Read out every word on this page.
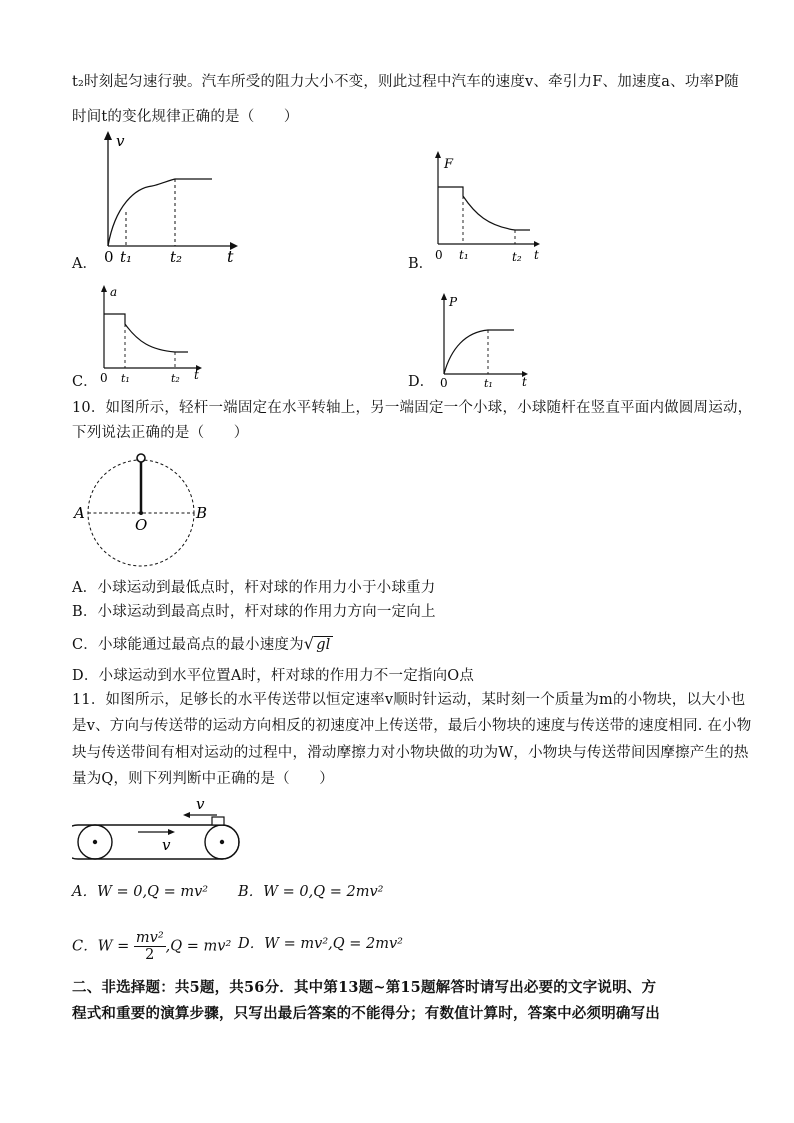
t₂时刻起匀速行驶。汽车所受的阻力大小不变，则此过程中汽车的速度v、牵引力F、加速度a、功率P随
时间t的变化规律正确的是（　　）
A．
v
0 t₁	t₂	t	B．
F
0 t₁	t₂ t
C．
a
0 t₁	t₂ t	D．
P
0	t₁ t
10．如图所示，轻杆一端固定在水平转轴上，另一端固定一个小球，小球随杆在竖直平面内做圆周运动，
下列说法正确的是（　　）
A
O
B
A．小球运动到最低点时，杆对球的作用力小于小球重力
B．小球运动到最高点时，杆对球的作用力方向一定向上
C．小球能通过最高点的最小速度为√ gl
D．小球运动到水平位置A时，杆对球的作用力不一定指向O点
11．如图所示，足够长的水平传送带以恒定速率v顺时针运动，某时刻一个质量为m的小物块，以大小也
是v、方向与传送带的运动方向相反的初速度冲上传送带，最后小物块的速度与传送带的速度相同. 在小物
块与传送带间有相对运动的过程中，滑动摩擦力对小物块做的功为W，小物块与传送带间因摩擦产生的热
量为Q，则下列判断中正确的是（　　）
v
v
A．W = 0,Q = mv² B．W = 0,Q = 2mv²
C．$W = \frac{\text{mv²}}{2} ,Q = mv^2$ D．W = mv²,Q = 2mv²
二、非选择题：共5题，共56分．其中第13题~第15题解答时请写出必要的文字说明、方
程式和重要的演算步骤，只写出最后答案的不能得分；有数值计算时，答案中必须明确写出
